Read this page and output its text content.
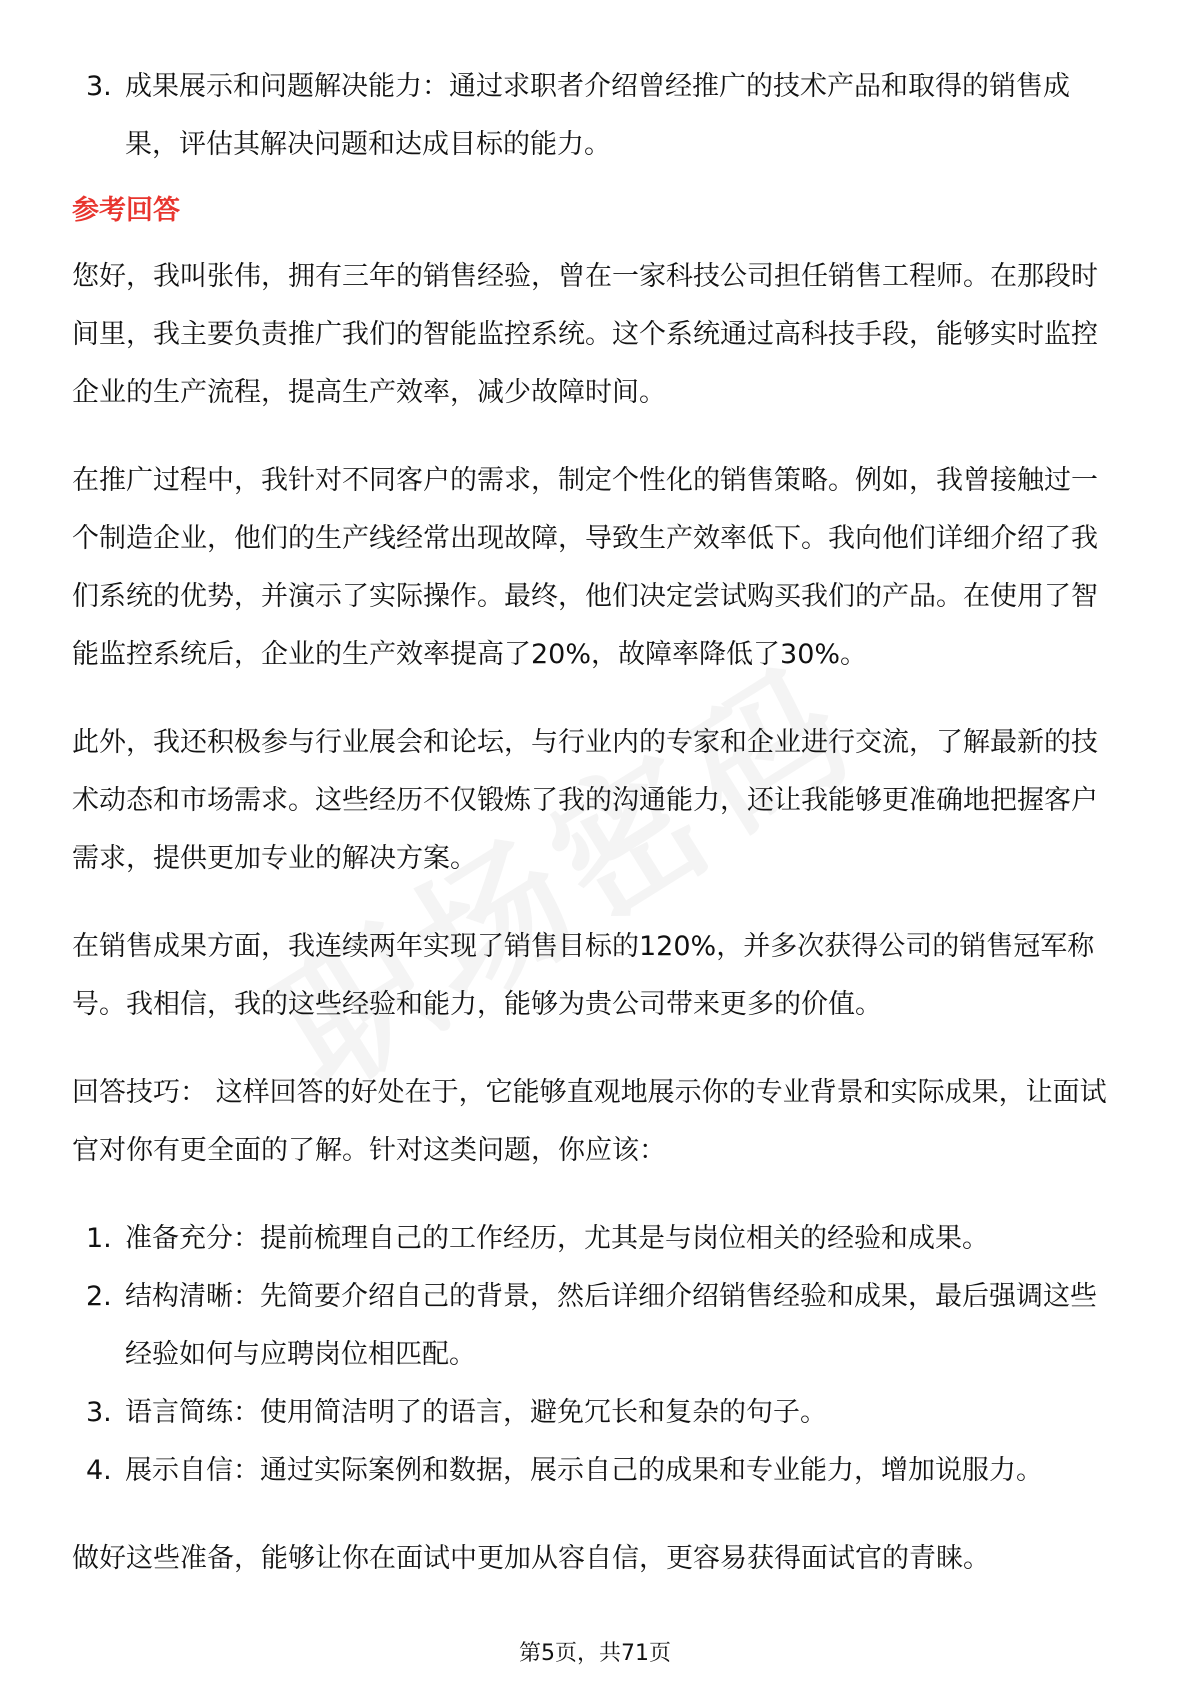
3. 成果展示和问题解决能力：通过求职者介绍曾经推广的技术产品和取得的销售成果，评估其解决问题和达成目标的能力。
参考回答

您好，我叫张伟，拥有三年的销售经验，曾在一家科技公司担任销售工程师。在那段时间里，我主要负责推广我们的智能监控系统。这个系统通过高科技手段，能够实时监控企业的生产流程，提高生产效率，减少故障时间。

在推广过程中，我针对不同客户的需求，制定个性化的销售策略。例如，我曾接触过一个制造企业，他们的生产线经常出现故障，导致生产效率低下。我向他们详细介绍了我们系统的优势，并演示了实际操作。最终，他们决定尝试购买我们的产品。在使用了智能监控系统后，企业的生产效率提高了20%，故障率降低了30%。

此外，我还积极参与行业展会和论坛，与行业内的专家和企业进行交流，了解最新的技术动态和市场需求。这些经历不仅锻炼了我的沟通能力，还让我能够更准确地把握客户需求，提供更加专业的解决方案。

在销售成果方面，我连续两年实现了销售目标的120%，并多次获得公司的销售冠军称号。我相信，我的这些经验和能力，能够为贵公司带来更多的价值。

回答技巧： 这样回答的好处在于，它能够直观地展示你的专业背景和实际成果，让面试官对你有更全面的了解。针对这类问题，你应该：

1. 准备充分：提前梳理自己的工作经历，尤其是与岗位相关的经验和成果。
2. 结构清晰：先简要介绍自己的背景，然后详细介绍销售经验和成果，最后强调这些经验如何与应聘岗位相匹配。
3. 语言简练：使用简洁明了的语言，避免冗长和复杂的句子。
4. 展示自信：通过实际案例和数据，展示自己的成果和专业能力，增加说服力。

做好这些准备，能够让你在面试中更加从容自信，更容易获得面试官的青睐。

第5页，共71页
